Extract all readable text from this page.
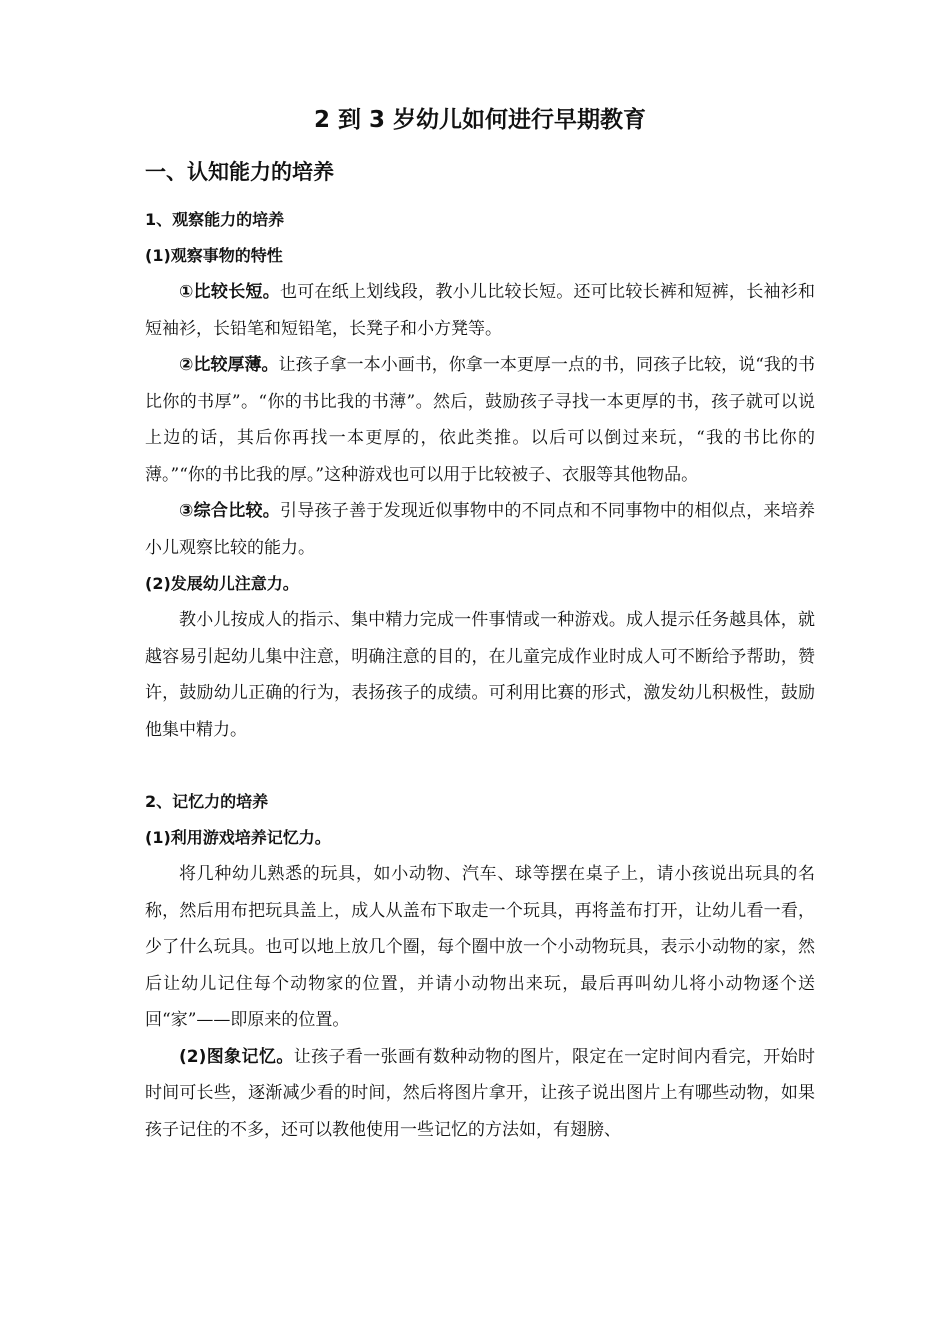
2 到 3 岁幼儿如何进行早期教育
一、认知能力的培养
1、观察能力的培养
(1)观察事物的特性

①比较长短。也可在纸上划线段，教小儿比较长短。还可比较长裤和短裤，长袖衫和短袖衫，长铅笔和短铅笔，长凳子和小方凳等。

②比较厚薄。让孩子拿一本小画书，你拿一本更厚一点的书，同孩子比较，说“我的书比你的书厚”。“你的书比我的书薄”。然后，鼓励孩子寻找一本更厚的书，孩子就可以说上边的话，其后你再找一本更厚的，依此类推。以后可以倒过来玩，“我的书比你的薄。”“你的书比我的厚。”这种游戏也可以用于比较被子、衣服等其他物品。

③综合比较。引导孩子善于发现近似事物中的不同点和不同事物中的相似点，来培养小儿观察比较的能力。

(2)发展幼儿注意力。

教小儿按成人的指示、集中精力完成一件事情或一种游戏。成人提示任务越具体，就越容易引起幼儿集中注意，明确注意的目的，在儿童完成作业时成人可不断给予帮助，赞许，鼓励幼儿正确的行为，表扬孩子的成绩。可利用比赛的形式，激发幼儿积极性，鼓励他集中精力。

2、记忆力的培养
(1)利用游戏培养记忆力。

将几种幼儿熟悉的玩具，如小动物、汽车、球等摆在桌子上，请小孩说出玩具的名称，然后用布把玩具盖上，成人从盖布下取走一个玩具，再将盖布打开，让幼儿看一看，少了什么玩具。也可以地上放几个圈，每个圈中放一个小动物玩具，表示小动物的家，然后让幼儿记住每个动物家的位置，并请小动物出来玩，最后再叫幼儿将小动物逐个送回“家”——即原来的位置。

(2)图象记忆。让孩子看一张画有数种动物的图片，限定在一定时间内看完，开始时时间可长些，逐渐减少看的时间，然后将图片拿开，让孩子说出图片上有哪些动物，如果孩子记住的不多，还可以教他使用一些记忆的方法如，有翅膀、
